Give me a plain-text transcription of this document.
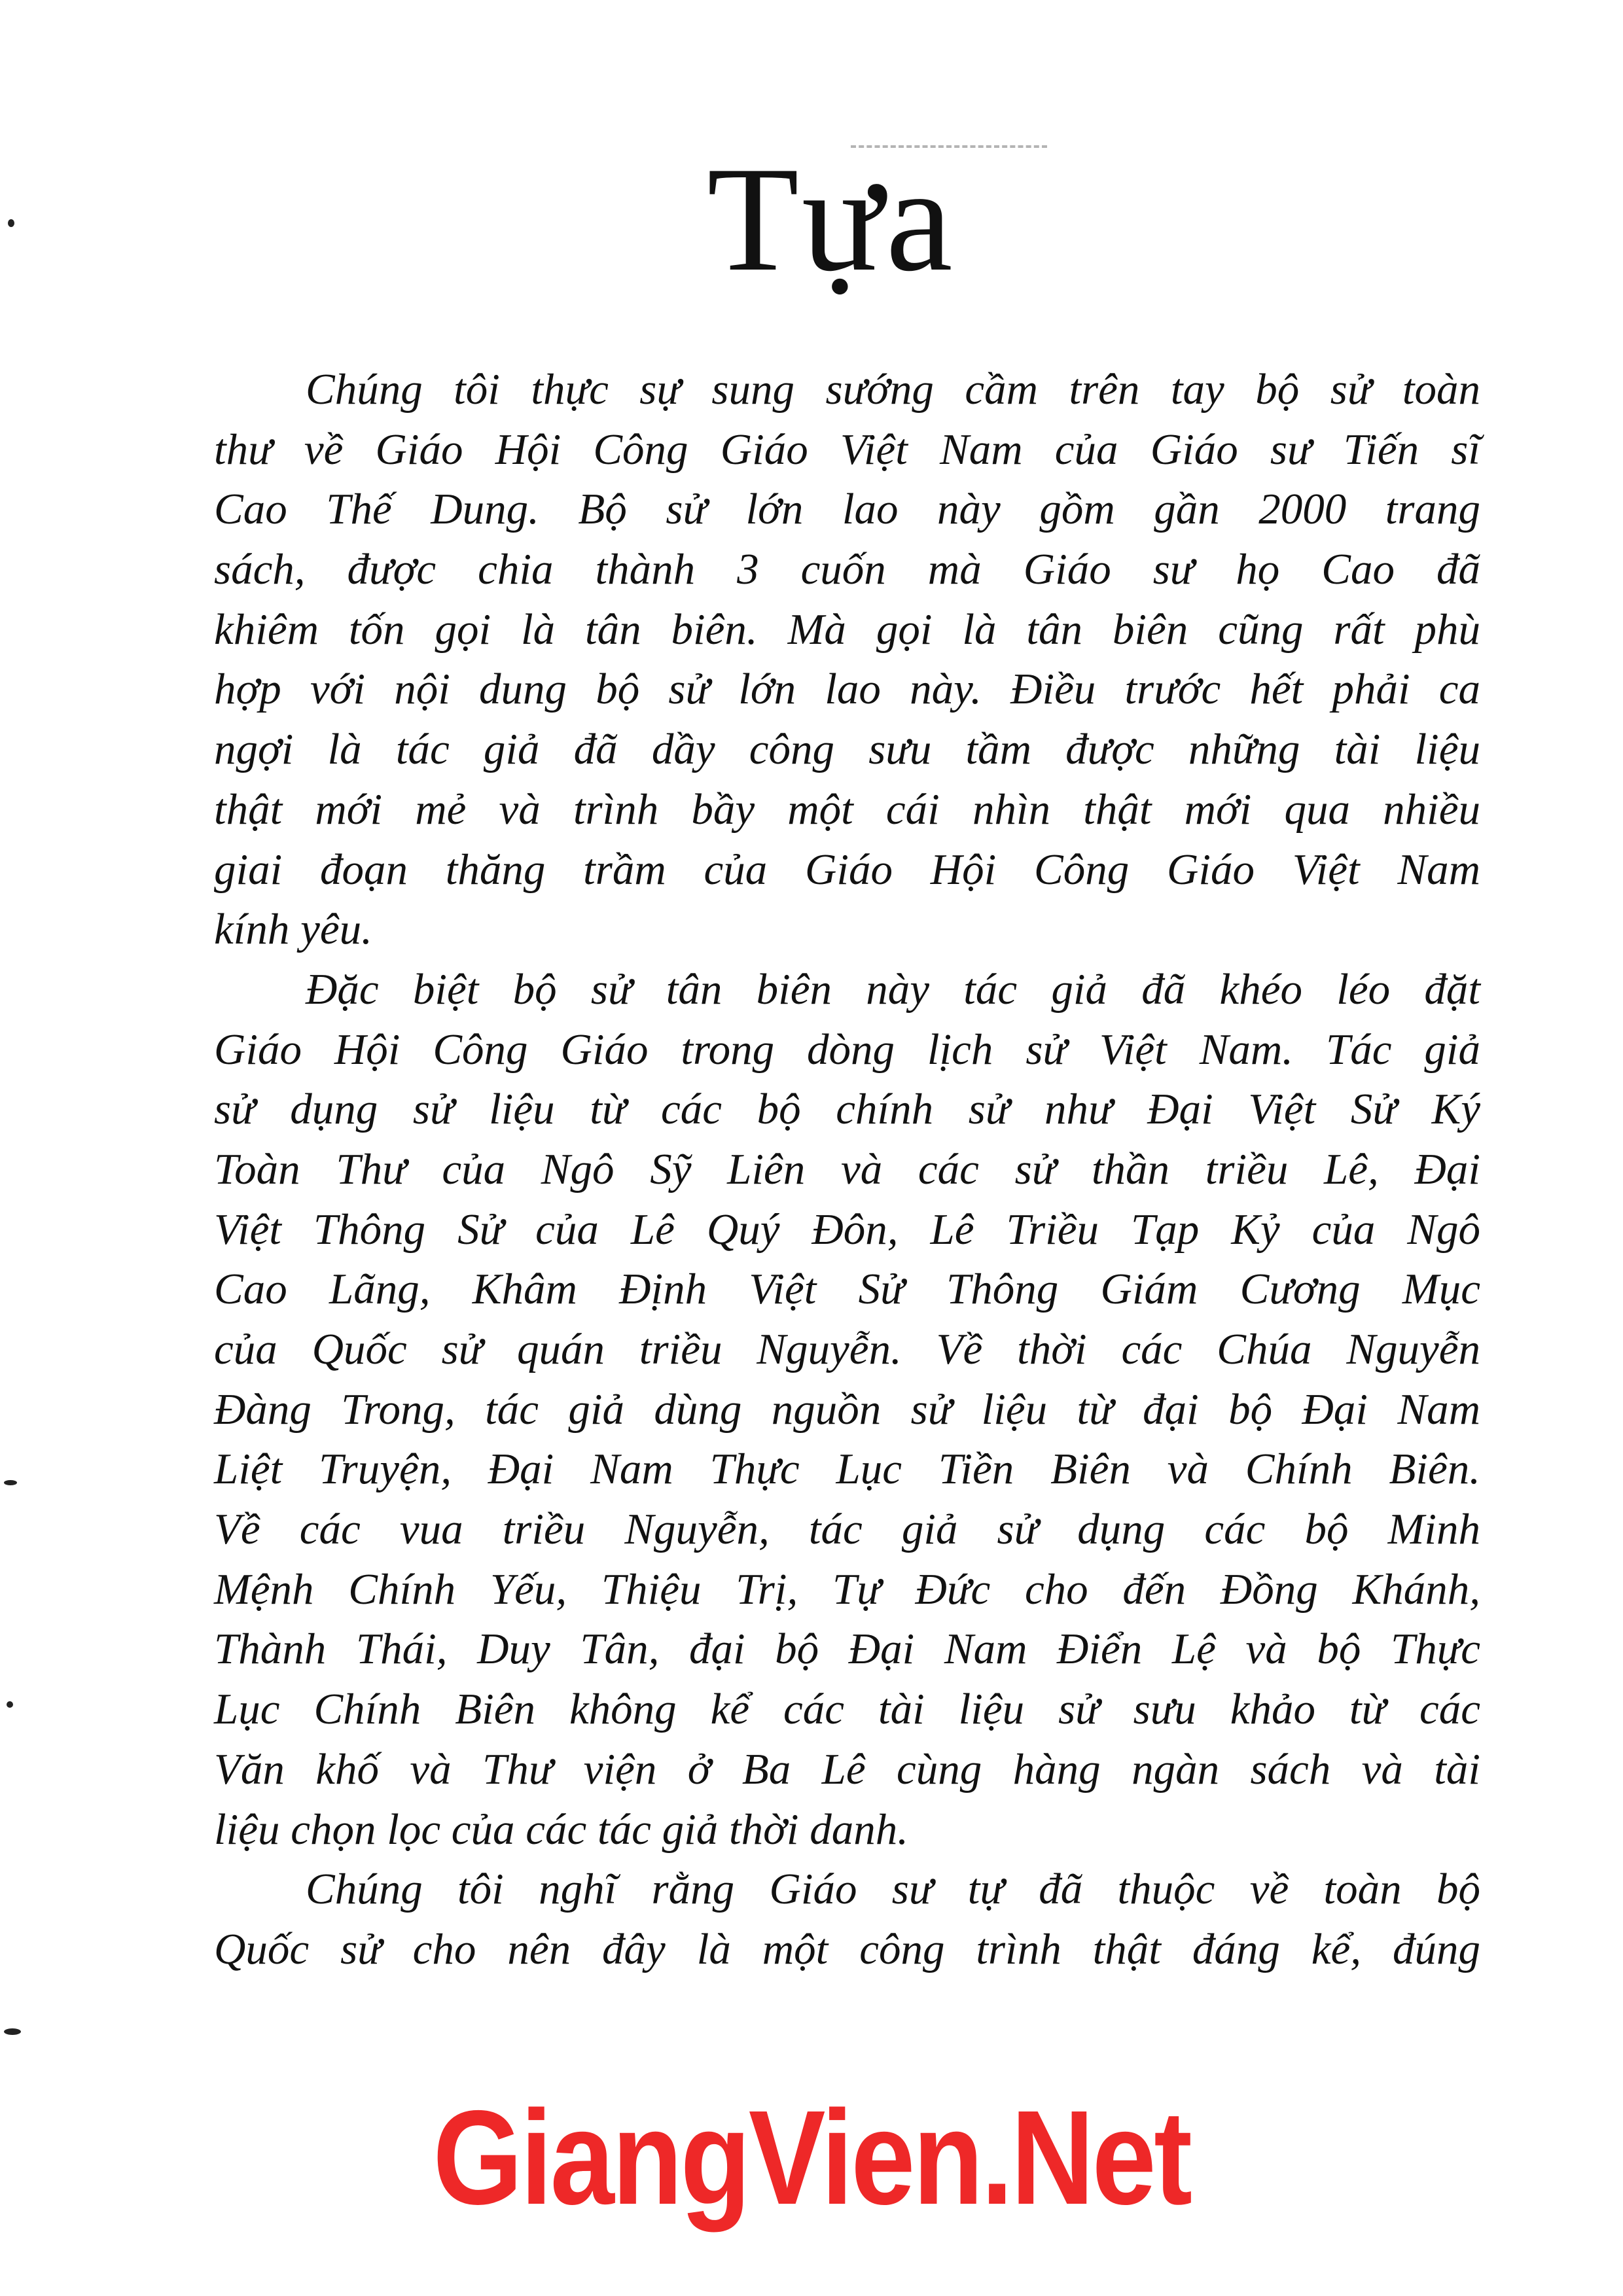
Tựa
Chúng tôi thực sự sung sướng cầm trên tay bộ sử toàn
thư về Giáo Hội Công Giáo Việt Nam của Giáo sư Tiến sĩ
Cao Thế Dung. Bộ sử lớn lao này gồm gần 2000 trang
sách, được chia thành 3 cuốn mà Giáo sư họ Cao đã
khiêm tốn gọi là tân biên. Mà gọi là tân biên cũng rất phù
hợp với nội dung bộ sử lớn lao này. Điều trước hết phải ca
ngợi là tác giả đã dầy công sưu tầm được những tài liệu
thật mới mẻ và trình bầy một cái nhìn thật mới qua nhiều
giai đoạn thăng trầm của Giáo Hội Công Giáo Việt Nam
kính yêu.
Đặc biệt bộ sử tân biên này tác giả đã khéo léo đặt
Giáo Hội Công Giáo trong dòng lịch sử Việt Nam. Tác giả
sử dụng sử liệu từ các bộ chính sử như Đại Việt Sử Ký
Toàn Thư của Ngô Sỹ Liên và các sử thần triều Lê, Đại
Việt Thông Sử của Lê Quý Đôn, Lê Triều Tạp Kỷ của Ngô
Cao Lãng, Khâm Định Việt Sử Thông Giám Cương Mục
của Quốc sử quán triều Nguyễn. Về thời các Chúa Nguyễn
Đàng Trong, tác giả dùng nguồn sử liệu từ đại bộ Đại Nam
Liệt Truyện, Đại Nam Thực Lục Tiền Biên và Chính Biên.
Về các vua triều Nguyễn, tác giả sử dụng các bộ Minh
Mệnh Chính Yếu, Thiệu Trị, Tự Đức cho đến Đồng Khánh,
Thành Thái, Duy Tân, đại bộ Đại Nam Điển Lệ và bộ Thực
Lục Chính Biên không kể các tài liệu sử sưu khảo từ các
Văn khố và Thư viện ở Ba Lê cùng hàng ngàn sách và tài
liệu chọn lọc của các tác giả thời danh.
Chúng tôi nghĩ rằng Giáo sư tự đã thuộc về toàn bộ
Quốc sử cho nên đây là một công trình thật đáng kể, đúng
GiangVien.Net
